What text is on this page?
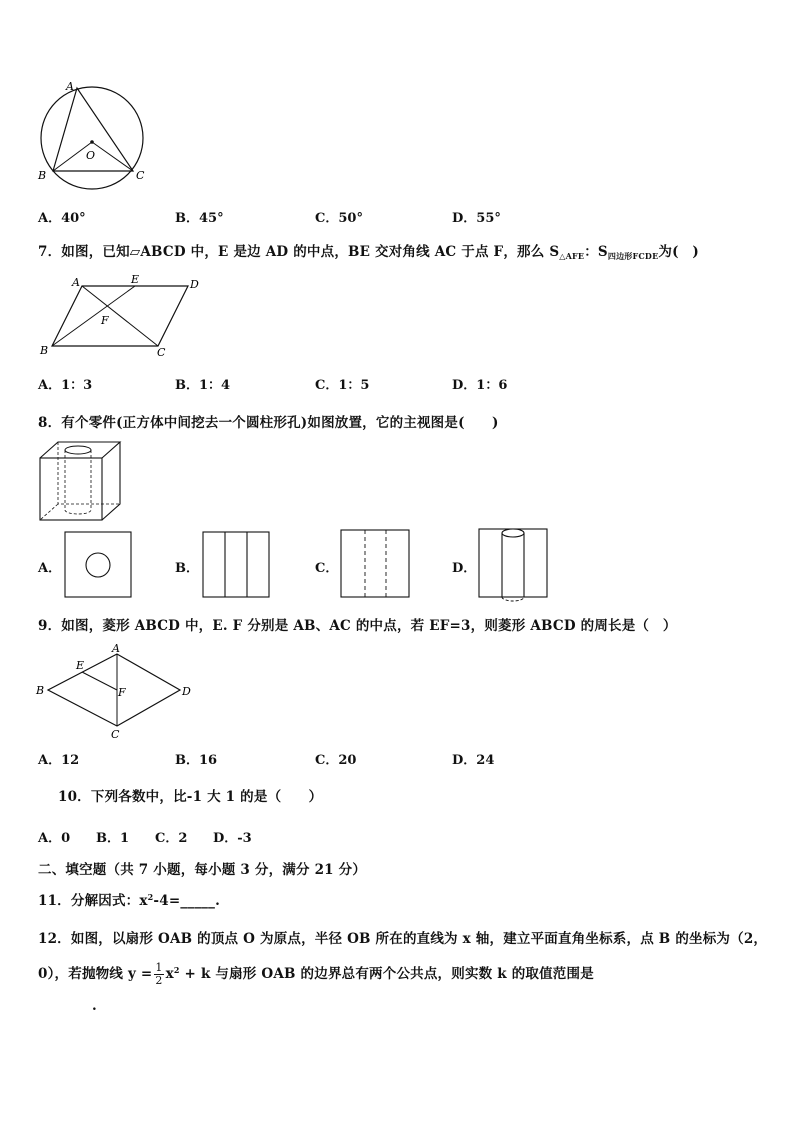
A
O
B	C
A．40°	B．45°	C．50°	D．55°
7．如图，已知▱ABCD 中，E 是边 AD 的中点，BE 交对角线 AC 于点 F，那么 $S_{\triangle AFE}$：$S_{四边形FCDE}$为(　)
A	E	D
F
B	C
A．1：3	B．1：4	C．1：5	D．1：6
8．有个零件(正方体中间挖去一个圆柱形孔)如图放置，它的主视图是(　　)
A．	B．	C．	D．
9．如图，菱形 ABCD 中，E. F 分别是 AB、AC 的中点，若 EF=3，则菱形 ABCD 的周长是（　）
A
E
B	F	D
C
A．12	B．16	C．20	D．24
10．下列各数中，比-1 大 1 的是（　　）
A．0 B．1 C．2 D．-3
二、填空题（共 7 小题，每小题 3 分，满分 21 分）
11．分解因式：$x^2-4=\_\_\_\_\_$.
12．如图，以扇形 OAB 的顶点 O 为原点，半径 OB 所在的直线为 x 轴，建立平面直角坐标系，点 B 的坐标为（2，
0），若抛物线 $y = \frac{1}{2} x^2 + k$ 与扇形 OAB 的边界总有两个公共点，则实数 k 的取值范围是
.
